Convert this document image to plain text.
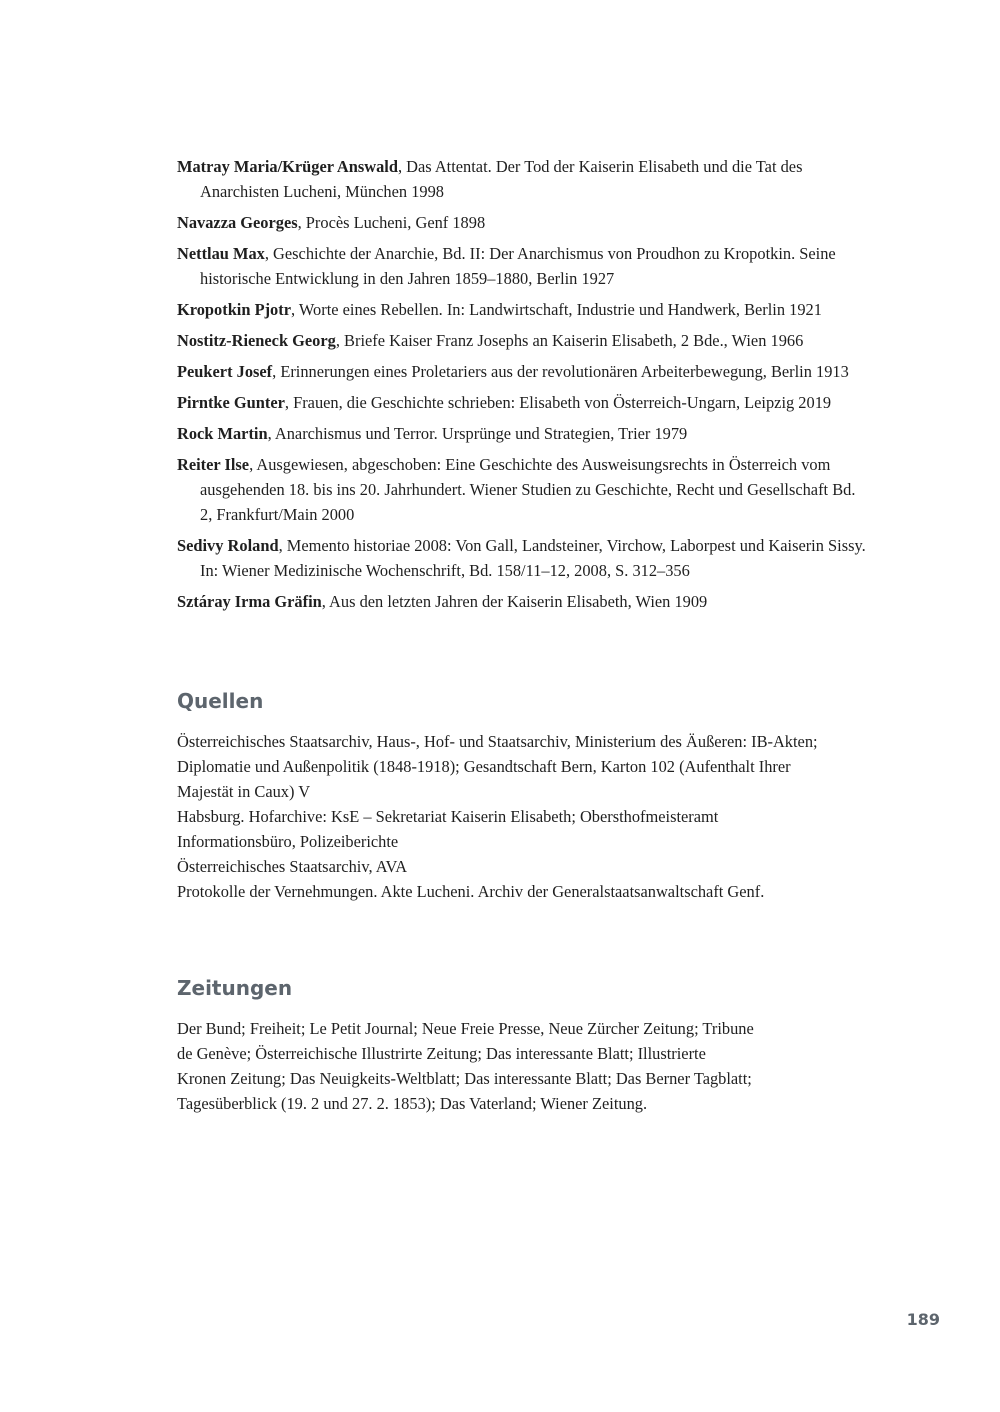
Matray Maria/Krüger Answald, Das Attentat. Der Tod der Kaiserin Elisabeth und die Tat des Anarchisten Lucheni, München 1998
Navazza Georges, Procès Lucheni, Genf 1898
Nettlau Max, Geschichte der Anarchie, Bd. II: Der Anarchismus von Proudhon zu Kropotkin. Seine historische Entwicklung in den Jahren 1859–1880, Berlin 1927
Kropotkin Pjotr, Worte eines Rebellen. In: Landwirtschaft, Industrie und Handwerk, Berlin 1921
Nostitz-Rieneck Georg, Briefe Kaiser Franz Josephs an Kaiserin Elisabeth, 2 Bde., Wien 1966
Peukert Josef, Erinnerungen eines Proletariers aus der revolutionären Arbeiterbewegung, Berlin 1913
Pirntke Gunter, Frauen, die Geschichte schrieben: Elisabeth von Österreich-Ungarn, Leipzig 2019
Rock Martin, Anarchismus und Terror. Ursprünge und Strategien, Trier 1979
Reiter Ilse, Ausgewiesen, abgeschoben: Eine Geschichte des Ausweisungsrechts in Österreich vom ausgehenden 18. bis ins 20. Jahrhundert. Wiener Studien zu Geschichte, Recht und Gesellschaft Bd. 2, Frankfurt/Main 2000
Sedivy Roland, Memento historiae 2008: Von Gall, Landsteiner, Virchow, Laborpest und Kaiserin Sissy. In: Wiener Medizinische Wochenschrift, Bd. 158/11–12, 2008, S. 312–356
Sztáray Irma Gräfin, Aus den letzten Jahren der Kaiserin Elisabeth, Wien 1909
Quellen
Österreichisches Staatsarchiv, Haus-, Hof- und Staatsarchiv, Ministerium des Äußeren: IB-Akten;
Diplomatie und Außenpolitik (1848-1918); Gesandtschaft Bern, Karton 102 (Aufenthalt Ihrer
Majestät in Caux) V
Habsburg. Hofarchive: KsE – Sekretariat Kaiserin Elisabeth; Obersthofmeisteramt
Informationsbüro, Polizeiberichte
Österreichisches Staatsarchiv, AVA
Protokolle der Vernehmungen. Akte Lucheni. Archiv der Generalstaatsanwaltschaft Genf.
Zeitungen
Der Bund; Freiheit; Le Petit Journal; Neue Freie Presse, Neue Zürcher Zeitung; Tribune
de Genève; Österreichische Illustrirte Zeitung; Das interessante Blatt; Illustrierte
Kronen Zeitung; Das Neuigkeits-Weltblatt; Das interessante Blatt; Das Berner Tagblatt;
Tagesüberblick (19. 2 und 27. 2. 1853); Das Vaterland; Wiener Zeitung.
189
